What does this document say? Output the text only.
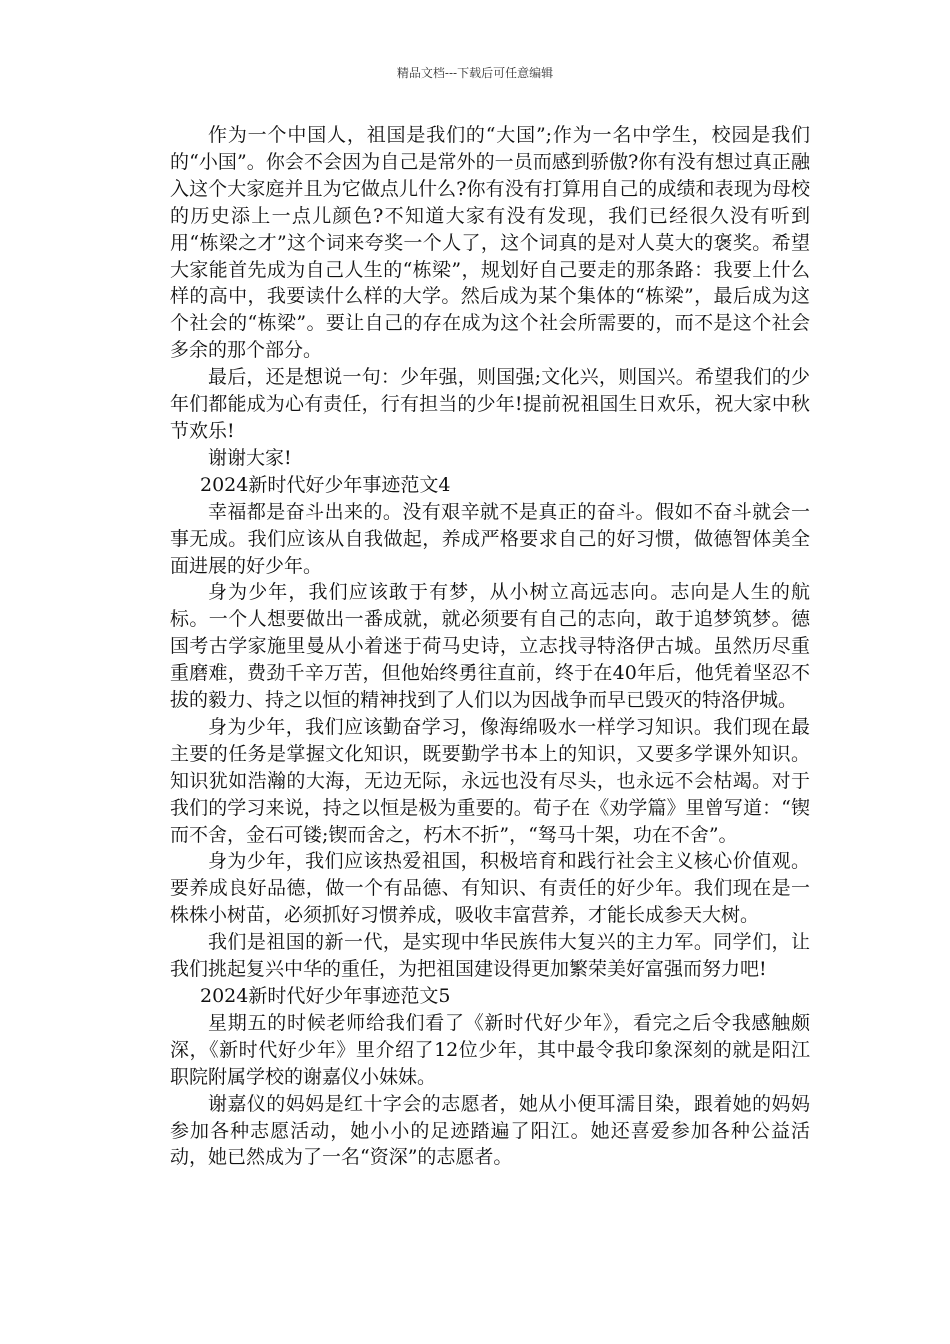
精品文档---下载后可任意编辑

作为一个中国人，祖国是我们的“大国”;作为一名中学生，校园是我们的“小国”。你会不会因为自己是常外的一员而感到骄傲?你有没有想过真正融入这个大家庭并且为它做点儿什么?你有没有打算用自己的成绩和表现为母校的历史添上一点儿颜色?不知道大家有没有发现，我们已经很久没有听到用“栋梁之才”这个词来夸奖一个人了，这个词真的是对人莫大的褒奖。希望大家能首先成为自己人生的“栋梁”，规划好自己要走的那条路：我要上什么样的高中，我要读什么样的大学。然后成为某个集体的“栋梁”，最后成为这个社会的“栋梁”。要让自己的存在成为这个社会所需要的，而不是这个社会多余的那个部分。

最后，还是想说一句：少年强，则国强;文化兴，则国兴。希望我们的少年们都能成为心有责任，行有担当的少年!提前祝祖国生日欢乐，祝大家中秋节欢乐!

谢谢大家!

2024新时代好少年事迹范文4

幸福都是奋斗出来的。没有艰辛就不是真正的奋斗。假如不奋斗就会一事无成。我们应该从自我做起，养成严格要求自己的好习惯，做德智体美全面进展的好少年。

身为少年，我们应该敢于有梦，从小树立高远志向。志向是人生的航标。一个人想要做出一番成就，就必须要有自己的志向，敢于追梦筑梦。德国考古学家施里曼从小着迷于荷马史诗，立志找寻特洛伊古城。虽然历尽重重磨难，费劲千辛万苦，但他始终勇往直前，终于在40年后，他凭着坚忍不拔的毅力、持之以恒的精神找到了人们以为因战争而早已毁灭的特洛伊城。

身为少年，我们应该勤奋学习，像海绵吸水一样学习知识。我们现在最主要的任务是掌握文化知识，既要勤学书本上的知识，又要多学课外知识。知识犹如浩瀚的大海，无边无际，永远也没有尽头，也永远不会枯竭。对于我们的学习来说，持之以恒是极为重要的。荀子在《劝学篇》里曾写道：“锲而不舍，金石可镂;锲而舍之，朽木不折”，“驽马十架，功在不舍”。

身为少年，我们应该热爱祖国，积极培育和践行社会主义核心价值观。要养成良好品德，做一个有品德、有知识、有责任的好少年。我们现在是一株株小树苗，必须抓好习惯养成，吸收丰富营养，才能长成参天大树。

我们是祖国的新一代，是实现中华民族伟大复兴的主力军。同学们，让我们挑起复兴中华的重任，为把祖国建设得更加繁荣美好富强而努力吧!

2024新时代好少年事迹范文5

星期五的时候老师给我们看了《新时代好少年》，看完之后令我感触颇深，《新时代好少年》里介绍了12位少年，其中最令我印象深刻的就是阳江职院附属学校的谢嘉仪小妹妹。

谢嘉仪的妈妈是红十字会的志愿者，她从小便耳濡目染，跟着她的妈妈参加各种志愿活动，她小小的足迹踏遍了阳江。她还喜爱参加各种公益活动，她已然成为了一名“资深”的志愿者。
